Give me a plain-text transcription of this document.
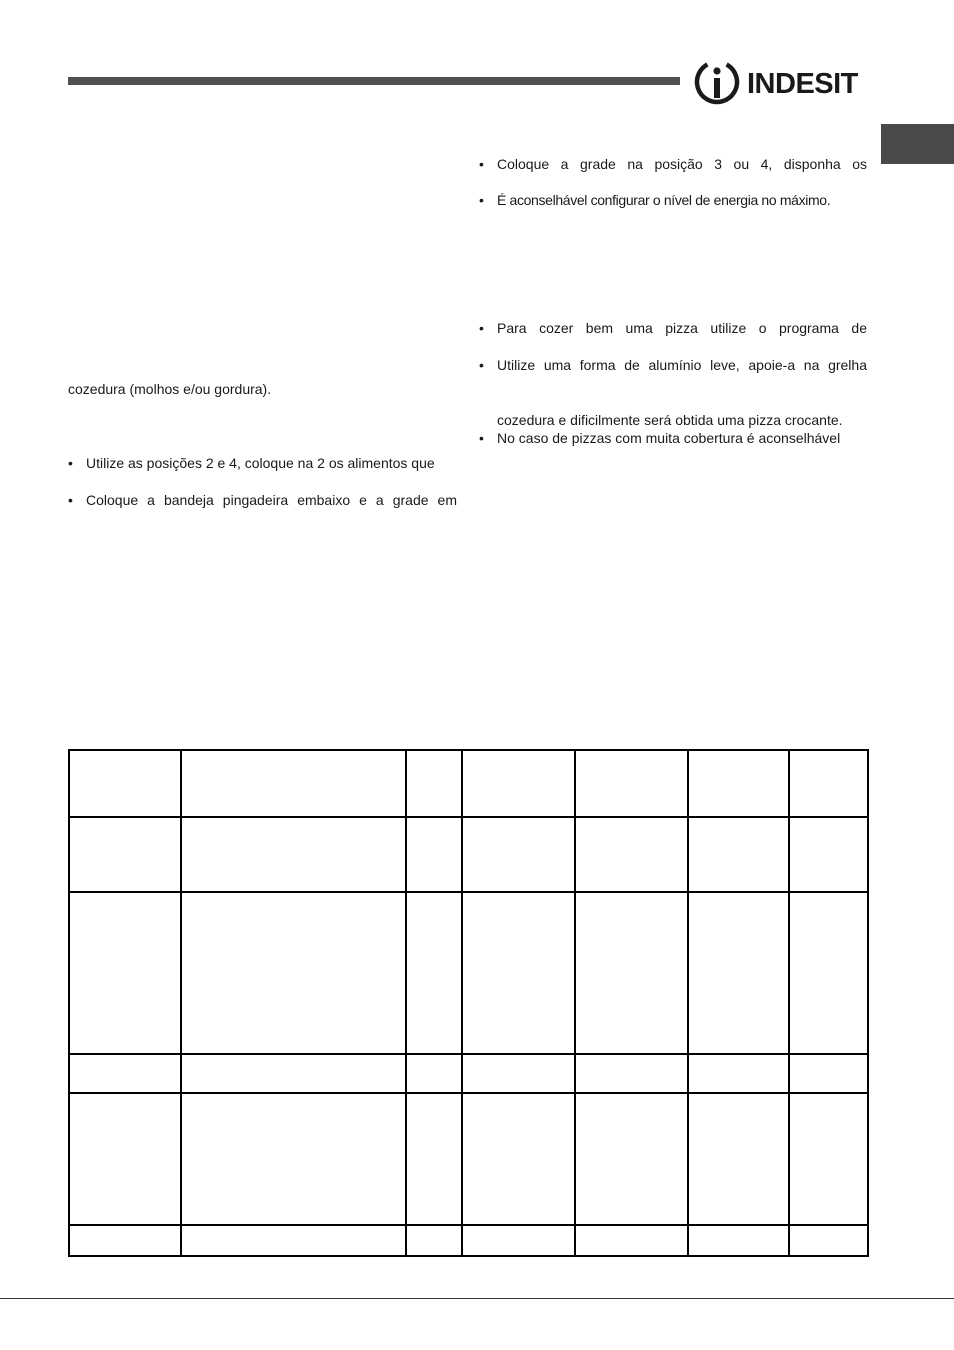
INDESIT
• Coloque a grade na posição 3 ou 4, disponha os
• É aconselhável configurar o nível de energia no máximo.
• Para cozer bem uma pizza utilize o programa de
• Utilize uma forma de alumínio leve, apoie-a na grelha
cozedura e dificilmente será obtida uma pizza crocante.
• No caso de pizzas com muita cobertura é aconselhável
cozedura (molhos e/ou gordura).
• Utilize as posições 2 e 4, coloque na 2 os alimentos que
• Coloque a bandeja pingadeira embaixo e a grade em
